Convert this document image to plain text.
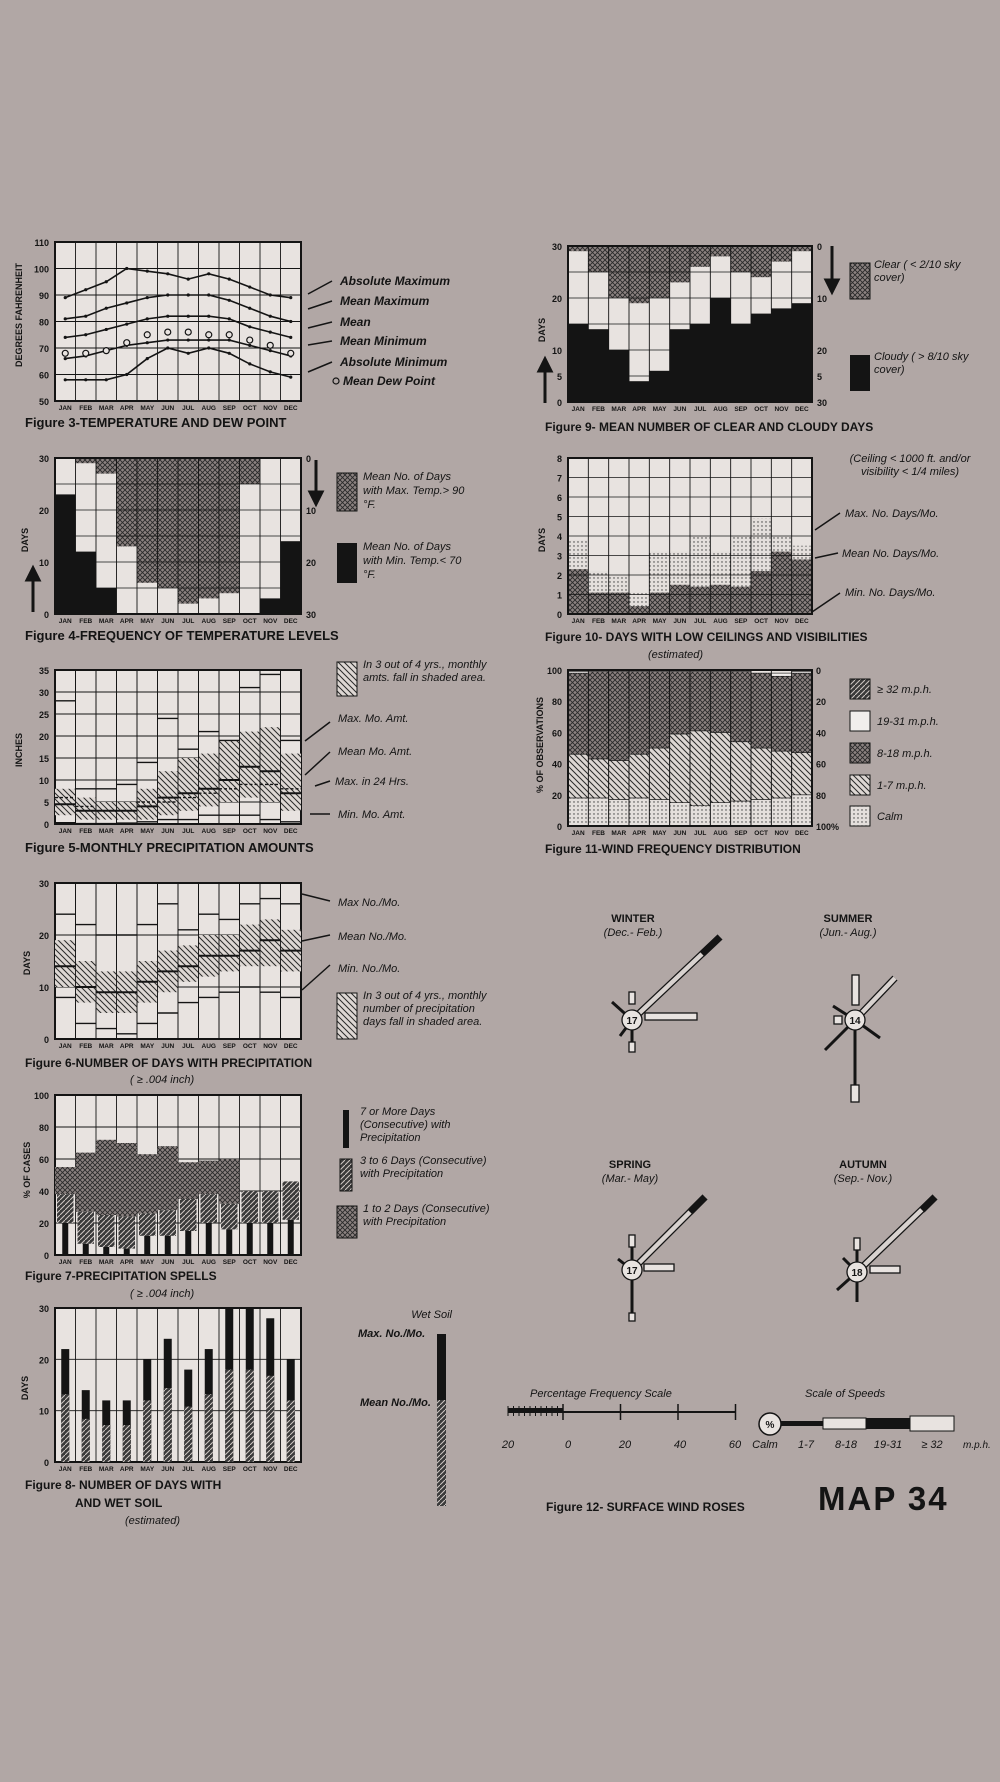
JAN FEB MAR APR MAY JUN JUL AUG SEP OCT NOV DEC
50
60
70
80
90
100
110
DEGREES FAHRENHEIT
Figure 3-TEMPERATURE AND DEW POINT
Absolute Maximum
Mean Maximum
Mean
Mean Minimum
Absolute Minimum
Mean Dew Point
JAN FEB MAR APR MAY JUN JUL AUG SEP OCT NOV DEC
0
10
20
30	0
10
20
30
DAYS
Figure 4-FREQUENCY OF TEMPERATURE LEVELS
Mean No. of Days with Max. Temp.> 90 °F.
Mean No. of Days with Min. Temp.< 70 °F.
JAN FEB MAR APR MAY JUN JUL AUG SEP OCT NOV DEC
0
5
10
15
20
25
30
35
INCHES
Figure 5-MONTHLY PRECIPITATION AMOUNTS
In 3 out of 4 yrs., monthly amts. fall in shaded area.
Max. Mo. Amt.
Mean Mo. Amt.
Max. in 24 Hrs.
Min. Mo. Amt.
JAN FEB MAR APR MAY JUN JUL AUG SEP OCT NOV DEC
0
10
20
30
DAYS
Figure 6-NUMBER OF DAYS WITH PRECIPITATION
( ≥ .004 inch)
Max No./Mo.
Mean No./Mo.
Min. No./Mo.
In 3 out of 4 yrs., monthly number of precipitation days fall in shaded area.
JAN FEB MAR APR MAY JUN JUL AUG SEP OCT NOV DEC
0
20
40
60
80
100
% OF CASES
Figure 7-PRECIPITATION SPELLS
( ≥ .004 inch)
7 or More Days (Consecutive) with Precipitation
3 to 6 Days (Consecutive) with Precipitation
1 to 2 Days (Consecutive) with Precipitation
JAN FEB MAR APR MAY JUN JUL AUG SEP OCT NOV DEC
0
10
20
30
DAYS
Figure 8- NUMBER OF DAYS WITH
AND WET SOIL
(estimated)
Wet Soil
Max. No./Mo.
Mean No./Mo.
JAN FEB MAR APR MAY JUN JUL AUG SEP OCT NOV DEC
0
5
10
20
30	0
10
20
5
30
DAYS
Figure 9- MEAN NUMBER OF CLEAR AND CLOUDY DAYS
Clear ( < 2/10 sky cover)
Cloudy ( > 8/10 sky cover)
JAN FEB MAR APR MAY JUN JUL AUG SEP OCT NOV DEC
0
1
2
3
4
5
6
7
8
DAYS
Figure 10- DAYS WITH LOW CEILINGS AND VISIBILITIES
(estimated)
(Ceiling < 1000 ft. and/or visibility < 1/4 miles)
Max. No. Days/Mo.
Mean No. Days/Mo.
Min. No. Days/Mo.
JAN FEB MAR APR MAY JUN JUL AUG SEP OCT NOV DEC
0
20
40
60
80
100	0
20
40
60
80
100%
% OF OBSERVATIONS
Figure 11-WIND FREQUENCY DISTRIBUTION
≥ 32 m.p.h.
19-31 m.p.h.
8-18 m.p.h.
1-7 m.p.h.
Calm
WINTER
(Dec.- Feb.)
SUMMER
(Jun.- Aug.)
SPRING
(Mar.- May)
AUTUMN
(Sep.- Nov.)
17	14
17	18
Percentage Frequency Scale
20	0	20	40	60
Scale of Speeds
%
Calm 1-7 8-18 19-31 ≥ 32 m.p.h.
Figure 12- SURFACE WIND ROSES MAP 34
